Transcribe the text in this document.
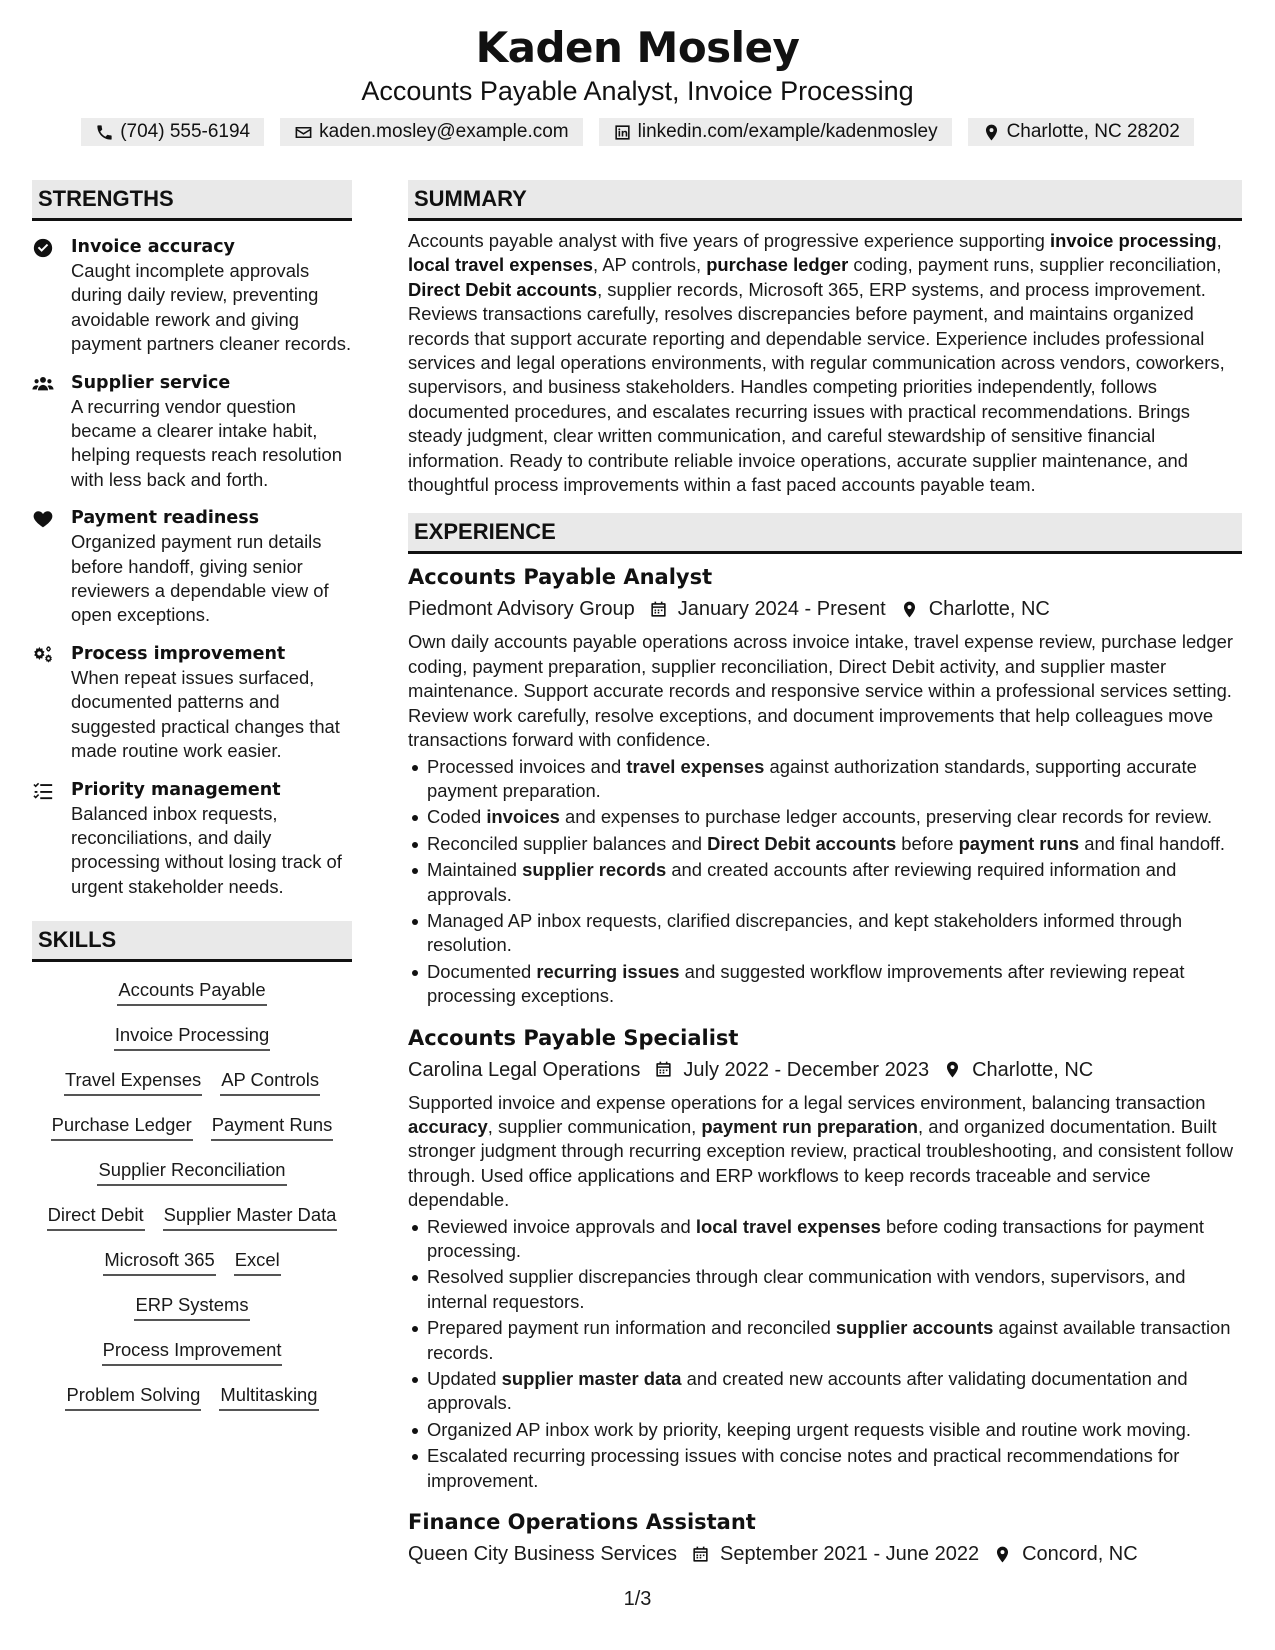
Kaden Mosley
Accounts Payable Analyst, Invoice Processing
(704) 555-6194	kaden.mosley@example.com	linkedin.com/example/kadenmosley	Charlotte, NC 28202
STRENGTHS
Invoice accuracy
Caught incomplete approvals during daily review, preventing avoidable rework and giving payment partners cleaner records.
Supplier service
A recurring vendor question became a clearer intake habit, helping requests reach resolution with less back and forth.
Payment readiness
Organized payment run details before handoff, giving senior reviewers a dependable view of open exceptions.
Process improvement
When repeat issues surfaced, documented patterns and suggested practical changes that made routine work easier.
Priority management
Balanced inbox requests, reconciliations, and daily processing without losing track of urgent stakeholder needs.
SKILLS
Accounts Payable
Invoice Processing
Travel Expenses AP Controls
Purchase Ledger Payment Runs
Supplier Reconciliation
Direct Debit Supplier Master Data
Microsoft 365 Excel
ERP Systems
Process Improvement
Problem Solving Multitasking
SUMMARY
Accounts payable analyst with five years of progressive experience supporting invoice processing, local travel expenses, AP controls, purchase ledger coding, payment runs, supplier reconciliation, Direct Debit accounts, supplier records, Microsoft 365, ERP systems, and process improvement. Reviews transactions carefully, resolves discrepancies before payment, and maintains organized records that support accurate reporting and dependable service. Experience includes professional services and legal operations environments, with regular communication across vendors, coworkers, supervisors, and business stakeholders. Handles competing priorities independently, follows documented procedures, and escalates recurring issues with practical recommendations. Brings steady judgment, clear written communication, and careful stewardship of sensitive financial information. Ready to contribute reliable invoice operations, accurate supplier maintenance, and thoughtful process improvements within a fast paced accounts payable team.
EXPERIENCE
Accounts Payable Analyst
Piedmont Advisory Group January 2024 - Present Charlotte, NC
Own daily accounts payable operations across invoice intake, travel expense review, purchase ledger coding, payment preparation, supplier reconciliation, Direct Debit activity, and supplier master maintenance. Support accurate records and responsive service within a professional services setting. Review work carefully, resolve exceptions, and document improvements that help colleagues move transactions forward with confidence.
Processed invoices and travel expenses against authorization standards, supporting accurate payment preparation.
Coded invoices and expenses to purchase ledger accounts, preserving clear records for review.
Reconciled supplier balances and Direct Debit accounts before payment runs and final handoff.
Maintained supplier records and created accounts after reviewing required information and approvals.
Managed AP inbox requests, clarified discrepancies, and kept stakeholders informed through resolution.
Documented recurring issues and suggested workflow improvements after reviewing repeat processing exceptions.
Accounts Payable Specialist
Carolina Legal Operations July 2022 - December 2023 Charlotte, NC
Supported invoice and expense operations for a legal services environment, balancing transaction accuracy, supplier communication, payment run preparation, and organized documentation. Built stronger judgment through recurring exception review, practical troubleshooting, and consistent follow through. Used office applications and ERP workflows to keep records traceable and service dependable.
Reviewed invoice approvals and local travel expenses before coding transactions for payment processing.
Resolved supplier discrepancies through clear communication with vendors, supervisors, and internal requestors.
Prepared payment run information and reconciled supplier accounts against available transaction records.
Updated supplier master data and created new accounts after validating documentation and approvals.
Organized AP inbox work by priority, keeping urgent requests visible and routine work moving.
Escalated recurring processing issues with concise notes and practical recommendations for improvement.
Finance Operations Assistant
Queen City Business Services September 2021 - June 2022 Concord, NC
1/3
